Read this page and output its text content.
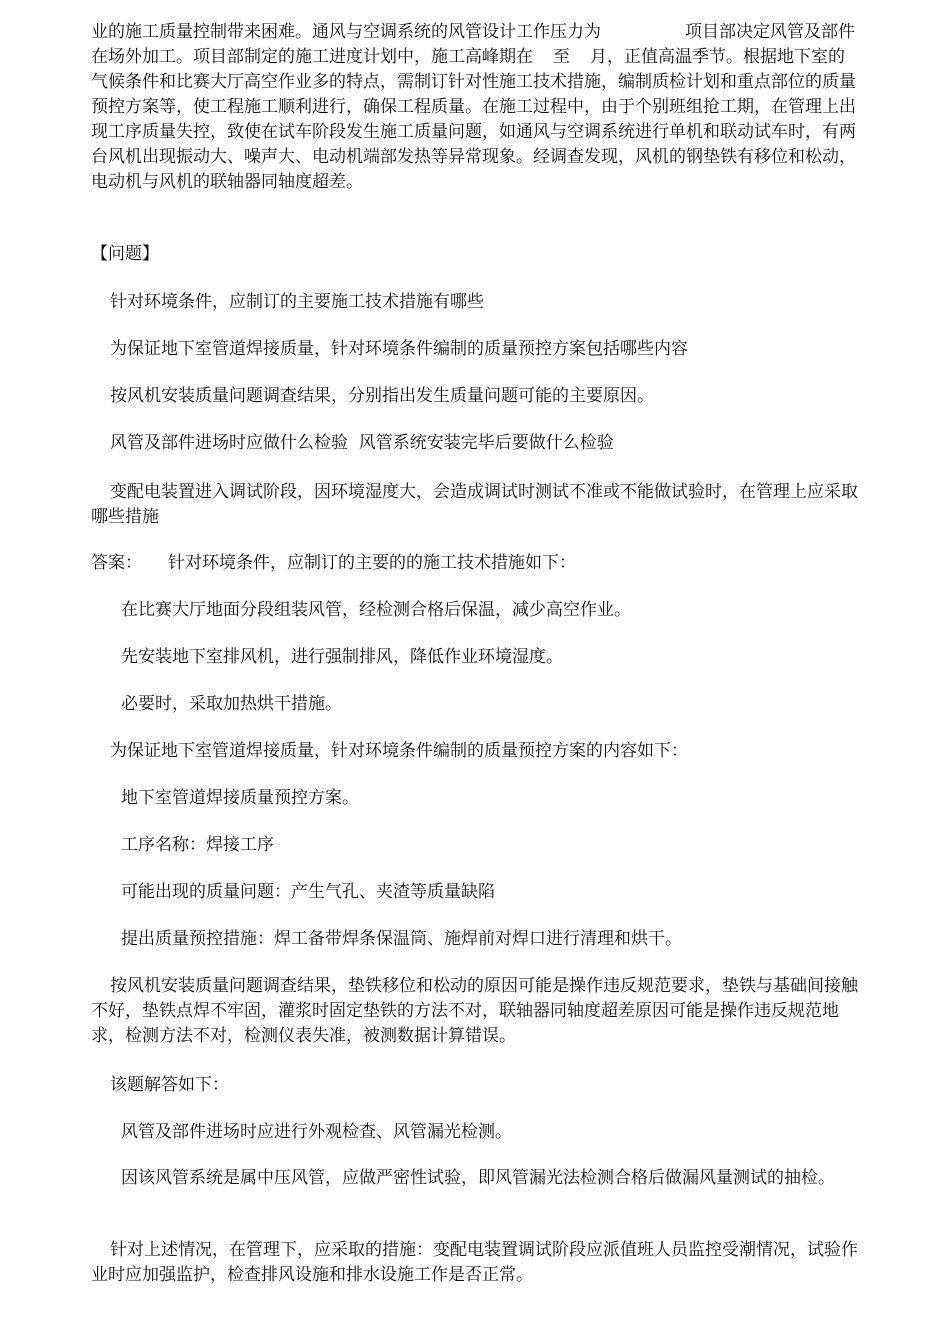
业的施工质量控制带来困难。通风与空调系统的风管设计工作压力为	项目部决定风管及部件在场外加工。项目部制定的施工进度计划中，施工高峰期在 至 月，正值高温季节。根据地下室的气候条件和比赛大厅高空作业多的特点，需制订针对性施工技术措施，编制质检计划和重点部位的质量预控方案等，使工程施工顺利进行，确保工程质量。在施工过程中，由于个别班组抢工期，在管理上出现工序质量失控，致使在试车阶段发生施工质量问题，如通风与空调系统进行单机和联动试车时，有两台风机出现振动大、噪声大、电动机端部发热等异常现象。经调查发现，风机的钢垫铁有移位和松动，电动机与风机的联轴器同轴度超差。

【问题】

针对环境条件，应制订的主要施工技术措施有哪些

为保证地下室管道焊接质量，针对环境条件编制的质量预控方案包括哪些内容

按风机安装质量问题调查结果，分别指出发生质量问题可能的主要原因。

风管及部件进场时应做什么检验  风管系统安装完毕后要做什么检验

变配电装置进入调试阶段，因环境湿度大，会造成调试时测试不准或不能做试验时，在管理上应采取哪些措施

答案： 针对环境条件，应制订的主要的的施工技术措施如下：

在比赛大厅地面分段组装风管，经检测合格后保温，减少高空作业。

先安装地下室排风机，进行强制排风，降低作业环境湿度。

必要时，采取加热烘干措施。

为保证地下室管道焊接质量，针对环境条件编制的质量预控方案的内容如下：

地下室管道焊接质量预控方案。

工序名称：焊接工序

可能出现的质量问题：产生气孔、夹渣等质量缺陷

提出质量预控措施：焊工备带焊条保温筒、施焊前对焊口进行清理和烘干。

按风机安装质量问题调查结果，垫铁移位和松动的原因可能是操作违反规范要求，垫铁与基础间接触不好，垫铁点焊不牢固，灌浆时固定垫铁的方法不对，联轴器同轴度超差原因可能是操作违反规范地求，检测方法不对，检测仪表失准，被测数据计算错误。

该题解答如下：

风管及部件进场时应进行外观检查、风管漏光检测。

因该风管系统是属中压风管，应做严密性试验，即风管漏光法检测合格后做漏风量测试的抽检。

针对上述情况，在管理下，应采取的措施：变配电装置调试阶段应派值班人员监控受潮情况，试验作业时应加强监护，检查排风设施和排水设施工作是否正常。
